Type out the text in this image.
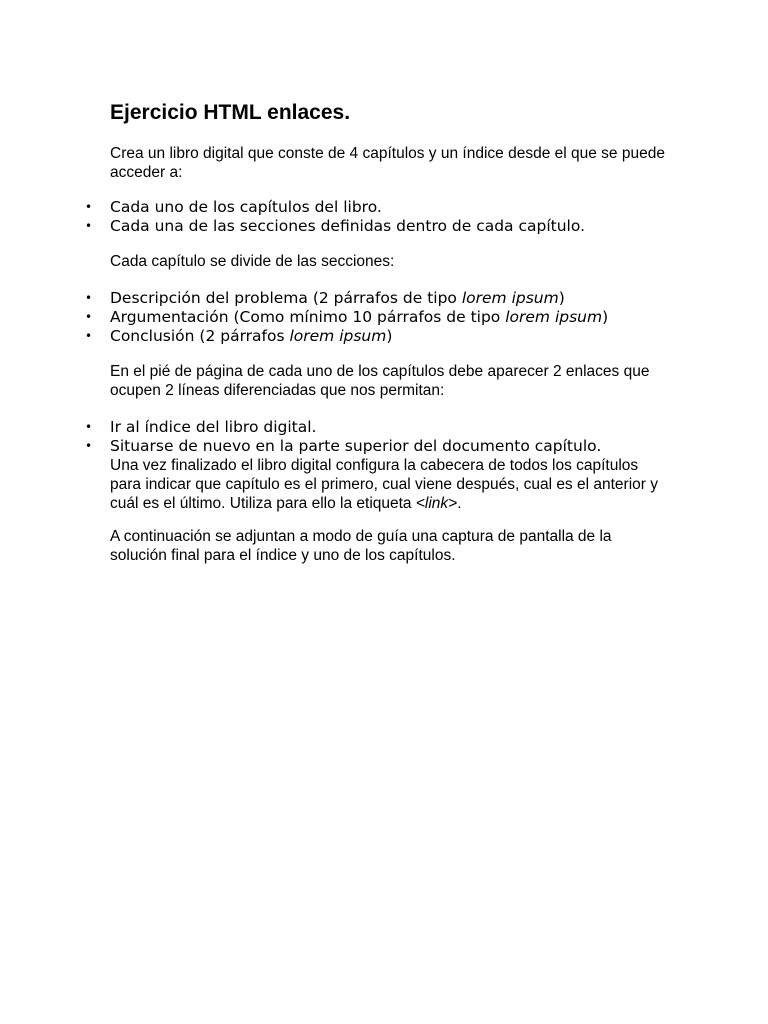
Ejercicio HTML enlaces.

Crea un libro digital que conste de 4 capítulos y un índice desde el que se puede acceder a:

• Cada uno de los capítulos del libro.
• Cada una de las secciones definidas dentro de cada capítulo.

Cada capítulo se divide de las secciones:

• Descripción del problema (2 párrafos de tipo lorem ipsum)
• Argumentación (Como mínimo 10 párrafos de tipo lorem ipsum)
• Conclusión (2 párrafos lorem ipsum)

En el pié de página de cada uno de los capítulos debe aparecer 2 enlaces que ocupen 2 líneas diferenciadas que nos permitan:

• Ir al índice del libro digital.
• Situarse de nuevo en la parte superior del documento capítulo.

Una vez finalizado el libro digital configura la cabecera de todos los capítulos para indicar que capítulo es el primero, cual viene después, cual es el anterior y cuál es el último. Utiliza para ello la etiqueta <link>.

A continuación se adjuntan a modo de guía una captura de pantalla de la solución final para el índice y uno de los capítulos.
